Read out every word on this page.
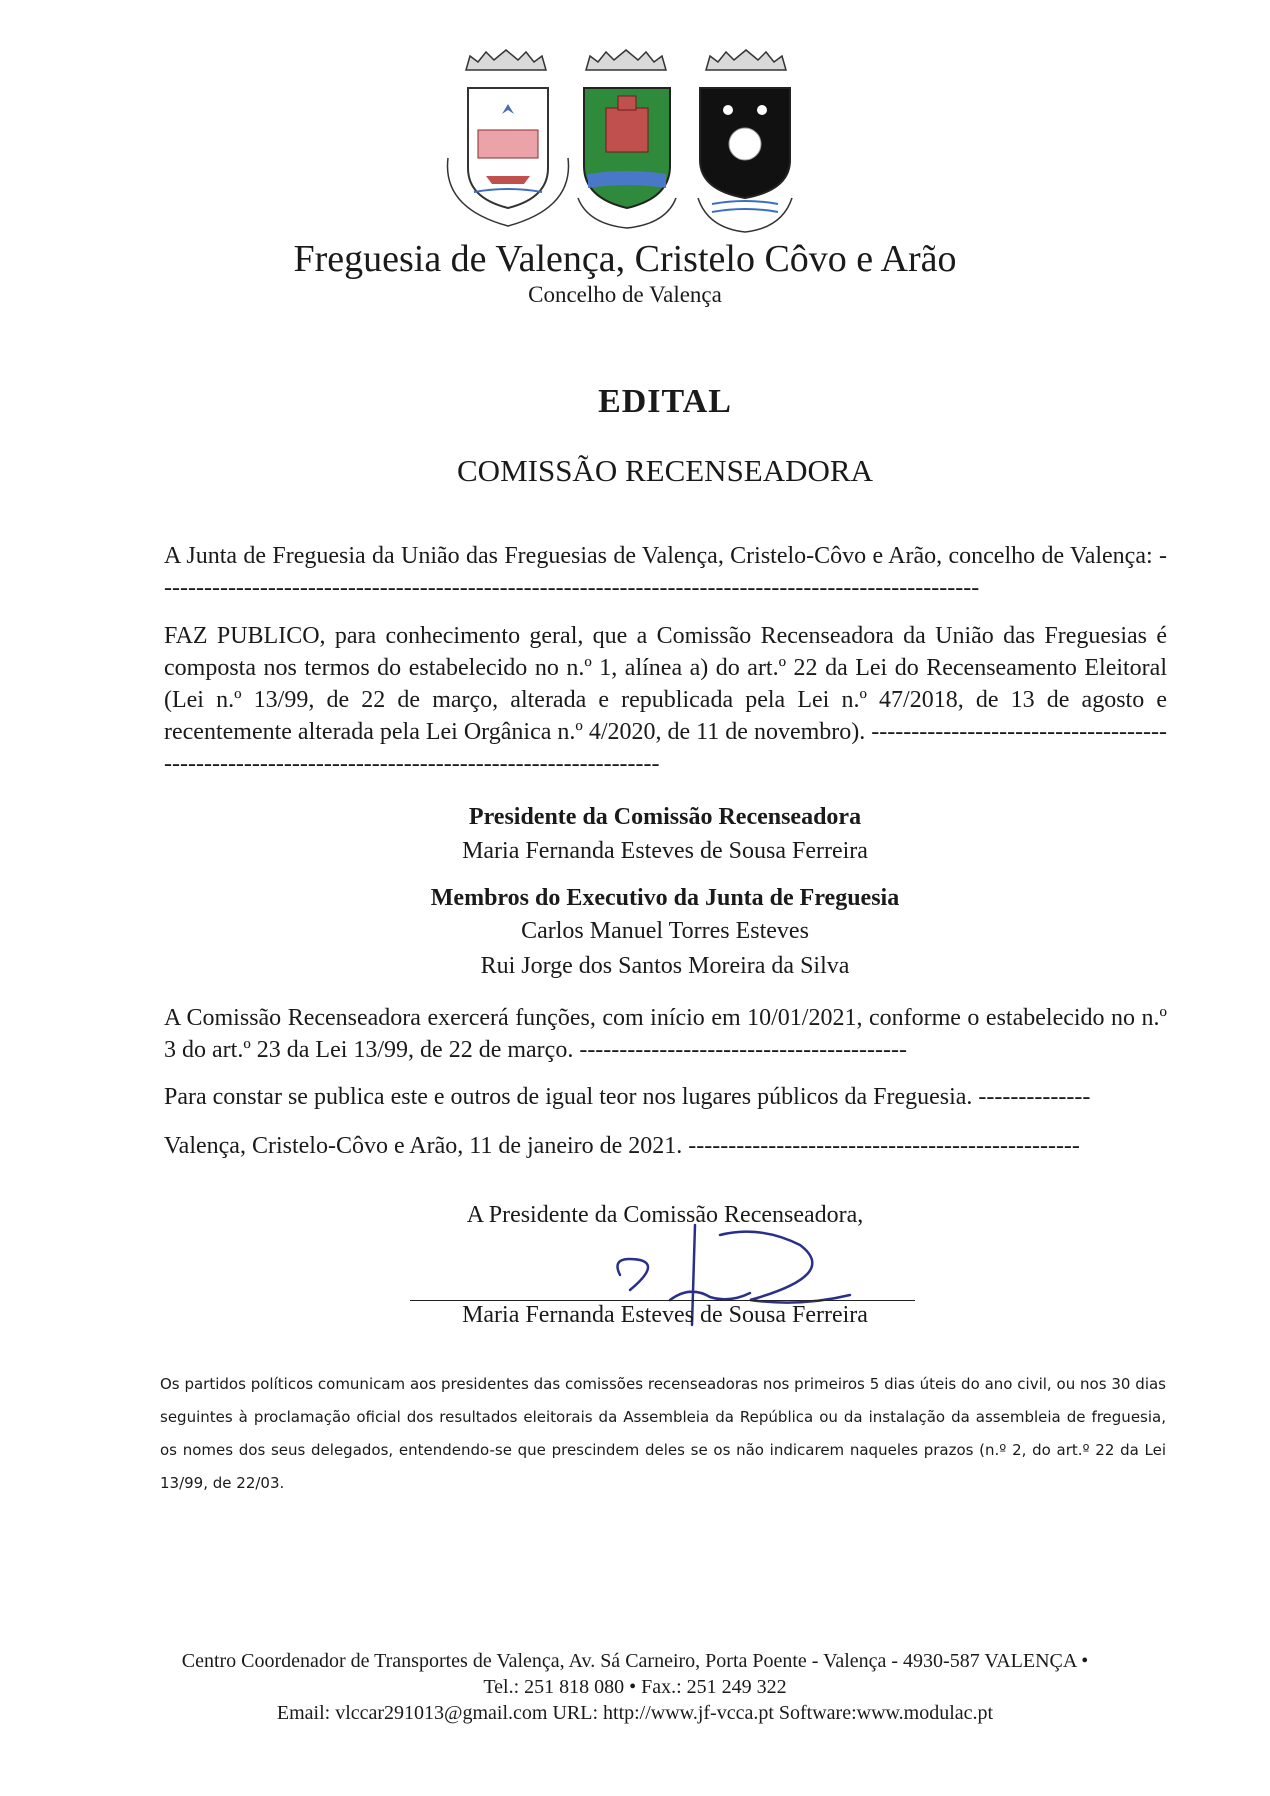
Freguesia de Valença, Cristelo Côvo e Arão
Concelho de Valença
EDITAL
COMISSÃO RECENSEADORA
A Junta de Freguesia da União das Freguesias de Valença, Cristelo-Côvo e Arão, concelho de Valença: -------------------------------------------------------------------------------------------------------
FAZ PUBLICO, para conhecimento geral, que a Comissão Recenseadora da União das Freguesias é composta nos termos do estabelecido no n.º 1, alínea a) do art.º 22 da Lei do Recenseamento Eleitoral (Lei n.º 13/99, de 22 de março, alterada e republicada pela Lei n.º 47/2018, de 13 de agosto e recentemente alterada pela Lei Orgânica n.º 4/2020, de 11 de novembro). ---------------------------------------------------------------------------------------------------
Presidente da Comissão Recenseadora
Maria Fernanda Esteves de Sousa Ferreira
Membros do Executivo da Junta de Freguesia
Carlos Manuel Torres Esteves
Rui Jorge dos Santos Moreira da Silva
A Comissão Recenseadora exercerá funções, com início em 10/01/2021, conforme o estabelecido no n.º 3 do art.º 23 da Lei 13/99, de 22 de março. -----------------------------------------
Para constar se publica este e outros de igual teor nos lugares públicos da Freguesia. --------------
Valença, Cristelo-Côvo e Arão, 11 de janeiro de 2021. -------------------------------------------------
A Presidente da Comissão Recenseadora,
Maria Fernanda Esteves de Sousa Ferreira
Os partidos políticos comunicam aos presidentes das comissões recenseadoras nos primeiros 5 dias úteis do ano civil, ou nos 30 dias seguintes à proclamação oficial dos resultados eleitorais da Assembleia da República ou da instalação da assembleia de freguesia, os nomes dos seus delegados, entendendo-se que prescindem deles se os não indicarem naqueles prazos (n.º 2, do art.º 22 da Lei 13/99, de 22/03.
Centro Coordenador de Transportes de Valença, Av. Sá Carneiro, Porta Poente - Valença - 4930-587 VALENÇA •
Tel.: 251 818 080 • Fax.: 251 249 322
Email: vlccar291013@gmail.com URL: http://www.jf-vcca.pt Software:www.modulac.pt
